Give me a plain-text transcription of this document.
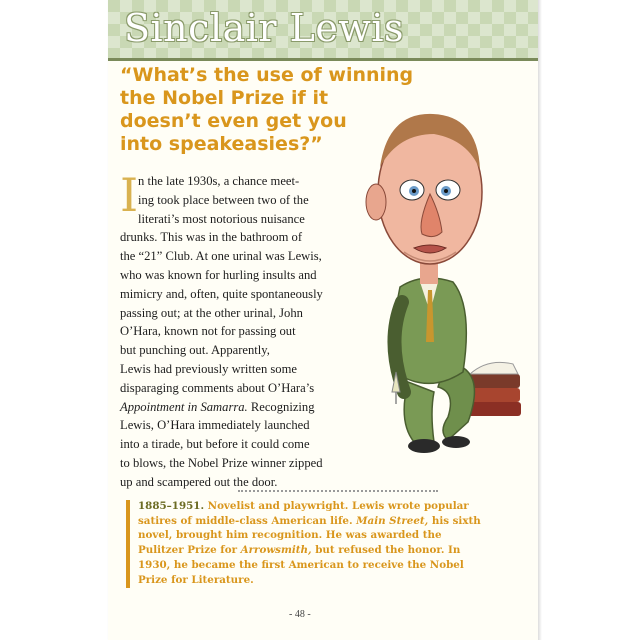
Sinclair Lewis
“What’s the use of winning
the Nobel Prize if it
doesn’t even get you
into speakeasies?”
I n the late 1930s, a chance meet-
ing took place between two of the
literati’s most notorious nuisance
drunks. This was in the bathroom of
the “21” Club. At one urinal was Lewis,
who was known for hurling insults and
mimicry and, often, quite spontaneously
passing out; at the other urinal, John
O’Hara, known not for passing out
but punching out. Apparently,
Lewis had previously written some
disparaging comments about O’Hara’s
Appointment in Samarra. Recognizing
Lewis, O’Hara immediately launched
into a tirade, but before it could come
to blows, the Nobel Prize winner zipped
up and scampered out the door.
1885–1951. Novelist and playwright. Lewis wrote popular
satires of middle-class American life. Main Street, his sixth
novel, brought him recognition. He was awarded the
Pulitzer Prize for Arrowsmith, but refused the honor. In
1930, he became the first American to receive the Nobel
Prize for Literature.
- 48 -
